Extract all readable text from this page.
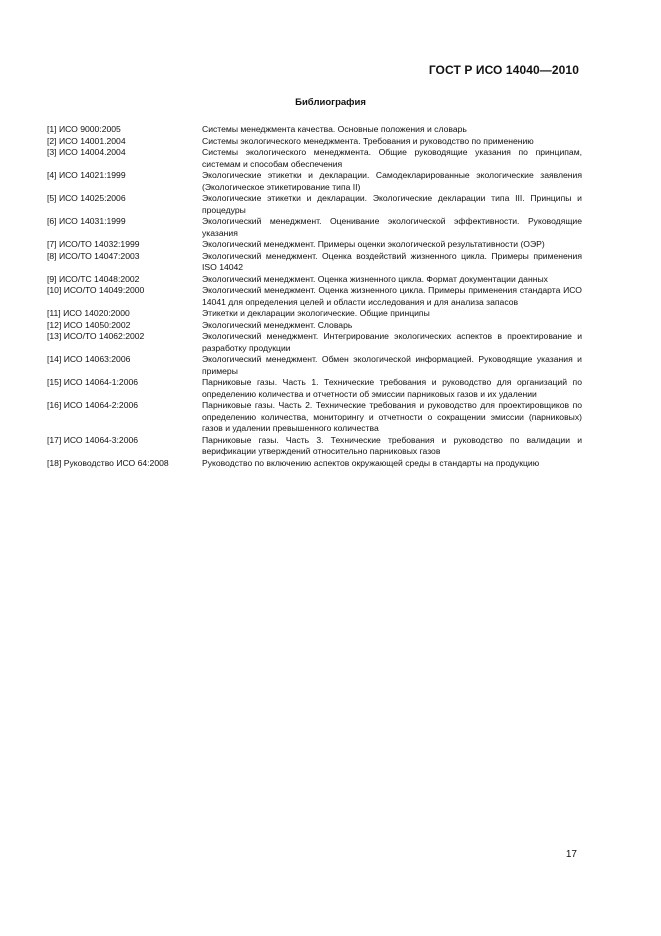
ГОСТ Р ИСО 14040—2010
Библиография
[1] ИСО 9000:2005	Системы менеджмента качества. Основные положения и словарь
[2] ИСО 14001.2004	Системы экологического менеджмента. Требования и руководство по применению
[3] ИСО 14004.2004	Системы экологического менеджмента. Общие руководящие указания по принципам, системам и способам обеспечения
[4] ИСО 14021:1999	Экологические этикетки и декларации. Самодекларированные экологические заявления (Экологическое этикетирование типа II)
[5] ИСО 14025:2006	Экологические этикетки и декларации. Экологические декларации типа III. Принципы и процедуры
[6] ИСО 14031:1999	Экологический менеджмент. Оценивание экологической эффективности. Руководящие указания
[7] ИСО/ТО 14032:1999	Экологический менеджмент. Примеры оценки экологической результативности (ОЭР)
[8] ИСО/ТО 14047:2003	Экологический менеджмент. Оценка воздействий жизненного цикла. Примеры применения ISO 14042
[9] ИСО/ТС 14048:2002	Экологический менеджмент. Оценка жизненного цикла. Формат документации данных
[10] ИСО/ТО 14049:2000	Экологический менеджмент. Оценка жизненного цикла. Примеры применения стандарта ИСО 14041 для определения целей и области исследования и для анализа запасов
[11] ИСО 14020:2000	Этикетки и декларации экологические. Общие принципы
[12] ИСО 14050:2002	Экологический менеджмент. Словарь
[13] ИСО/ТО 14062:2002	Экологический менеджмент. Интегрирование экологических аспектов в проектирование и разработку продукции
[14] ИСО 14063:2006	Экологический менеджмент. Обмен экологической информацией. Руководящие указания и примеры
[15] ИСО 14064-1:2006	Парниковые газы. Часть 1. Технические требования и руководство для организаций по определению количества и отчетности об эмиссии парниковых газов и их удалении
[16] ИСО 14064-2:2006	Парниковые газы. Часть 2. Технические требования и руководство для проектировщиков по определению количества, мониторингу и отчетности о сокращении эмиссии (парниковых) газов и удалении превышенного количества
[17] ИСО 14064-3:2006	Парниковые газы. Часть 3. Технические требования и руководство по валидации и верификации утверждений относительно парниковых газов
[18] Руководство ИСО 64:2008	Руководство по включению аспектов окружающей среды в стандарты на продукцию
17
